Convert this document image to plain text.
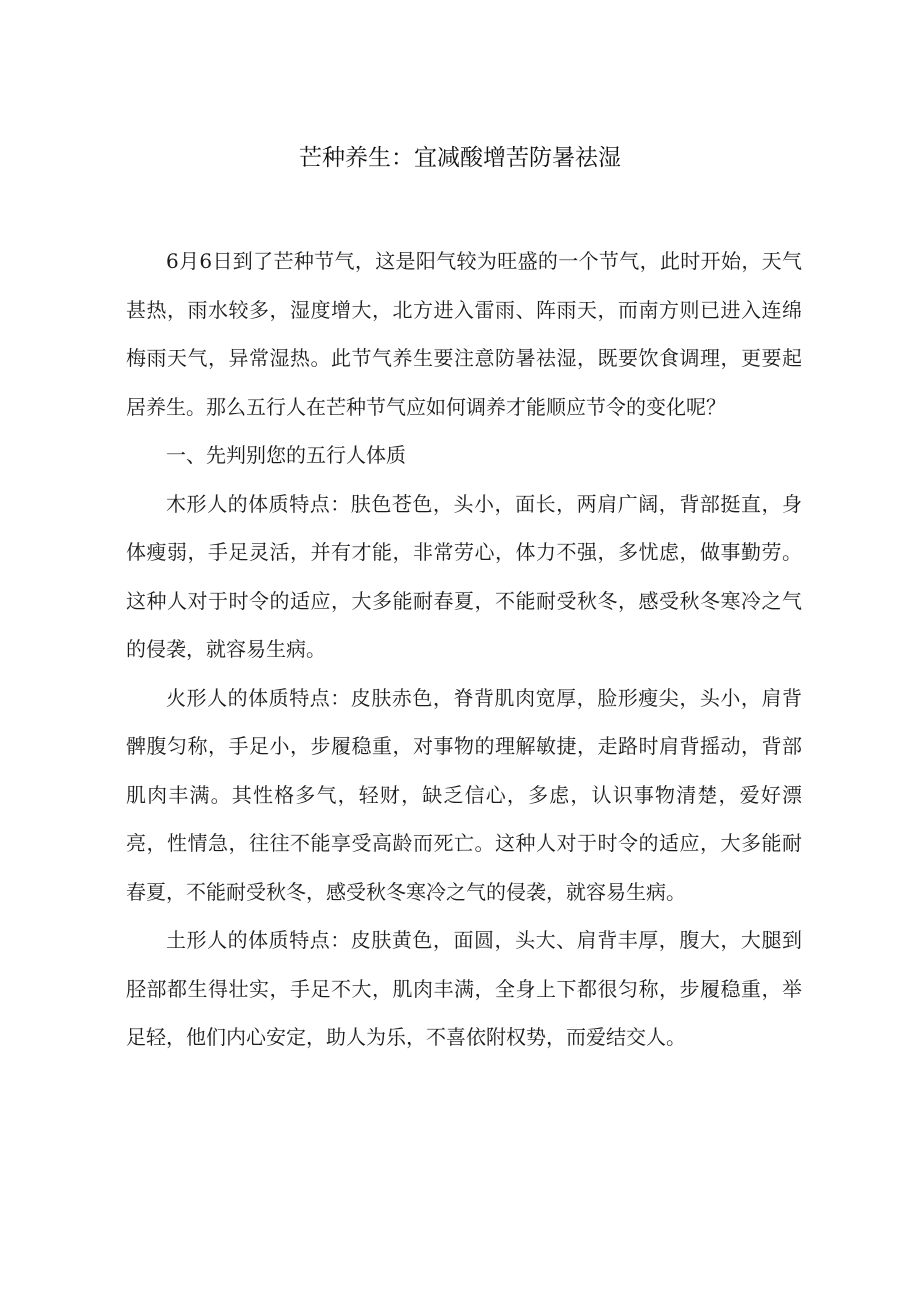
芒种养生：宜减酸增苦防暑祛湿

6月6日到了芒种节气，这是阳气较为旺盛的一个节气，此时开始，天气甚热，雨水较多，湿度增大，北方进入雷雨、阵雨天，而南方则已进入连绵梅雨天气，异常湿热。此节气养生要注意防暑祛湿，既要饮食调理，更要起居养生。那么五行人在芒种节气应如何调养才能顺应节令的变化呢？

一、先判别您的五行人体质

木形人的体质特点：肤色苍色，头小，面长，两肩广阔，背部挺直，身体瘦弱，手足灵活，并有才能，非常劳心，体力不强，多忧虑，做事勤劳。这种人对于时令的适应，大多能耐春夏，不能耐受秋冬，感受秋冬寒冷之气的侵袭，就容易生病。

火形人的体质特点：皮肤赤色，脊背肌肉宽厚，脸形瘦尖，头小，肩背髀腹匀称，手足小，步履稳重，对事物的理解敏捷，走路时肩背摇动，背部肌肉丰满。其性格多气，轻财，缺乏信心，多虑，认识事物清楚，爱好漂亮，性情急，往往不能享受高龄而死亡。这种人对于时令的适应，大多能耐春夏，不能耐受秋冬，感受秋冬寒冷之气的侵袭，就容易生病。

土形人的体质特点：皮肤黄色，面圆，头大、肩背丰厚，腹大，大腿到胫部都生得壮实，手足不大，肌肉丰满，全身上下都很匀称，步履稳重，举足轻，他们内心安定，助人为乐，不喜依附权势，而爱结交人。
